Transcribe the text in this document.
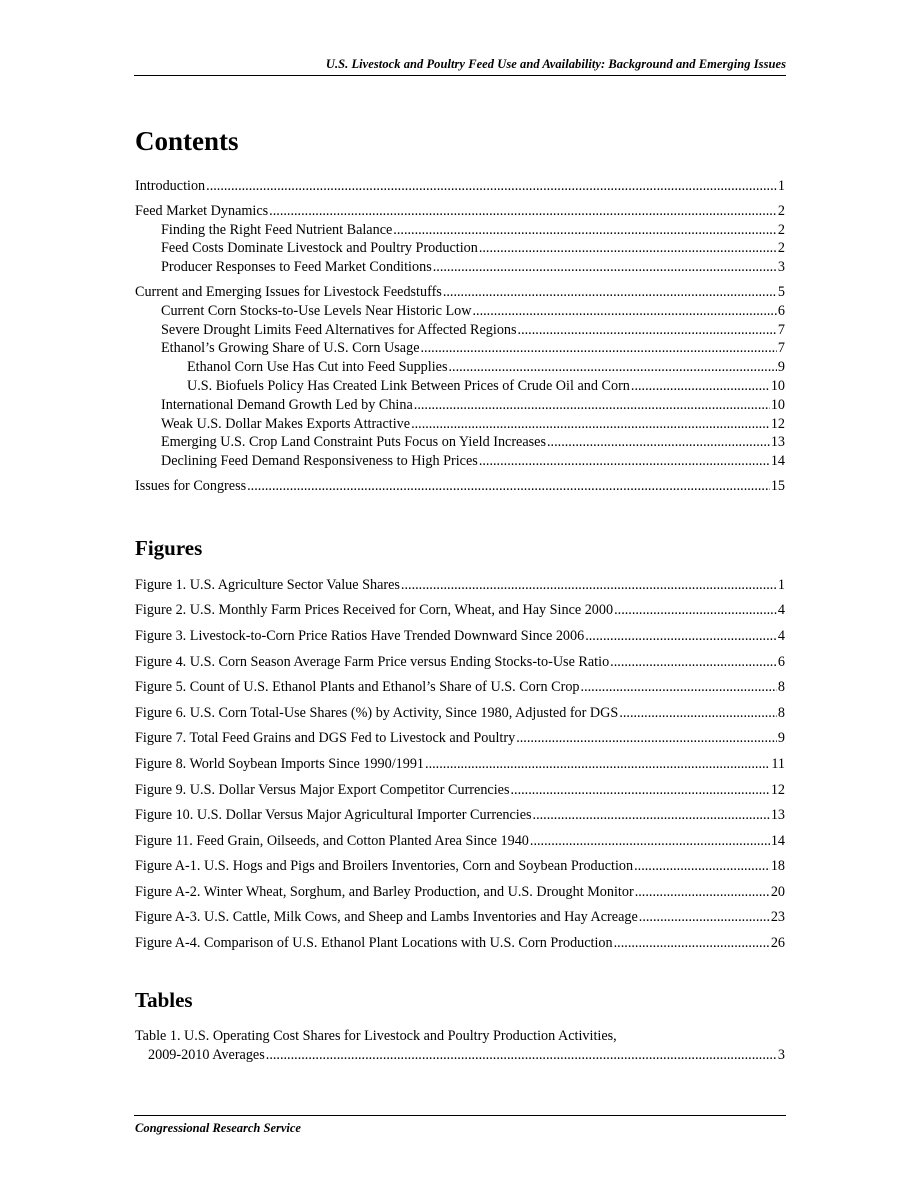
U.S. Livestock and Poultry Feed Use and Availability: Background and Emerging Issues
Contents
Introduction .....	1
Feed Market Dynamics .....	2
Finding the Right Feed Nutrient Balance .....	2
Feed Costs Dominate Livestock and Poultry Production .....	2
Producer Responses to Feed Market Conditions .....	3
Current and Emerging Issues for Livestock Feedstuffs .....	5
Current Corn Stocks-to-Use Levels Near Historic Low .....	6
Severe Drought Limits Feed Alternatives for Affected Regions .....	7
Ethanol’s Growing Share of U.S. Corn Usage .....	7
Ethanol Corn Use Has Cut into Feed Supplies .....	9
U.S. Biofuels Policy Has Created Link Between Prices of Crude Oil and Corn .....	10
International Demand Growth Led by China .....	10
Weak U.S. Dollar Makes Exports Attractive .....	12
Emerging U.S. Crop Land Constraint Puts Focus on Yield Increases .....	13
Declining Feed Demand Responsiveness to High Prices .....	14
Issues for Congress .....	15
Figures
Figure 1. U.S. Agriculture Sector Value Shares .....	1
Figure 2. U.S. Monthly Farm Prices Received for Corn, Wheat, and Hay Since 2000 .....	4
Figure 3. Livestock-to-Corn Price Ratios Have Trended Downward Since 2006 .....	4
Figure 4. U.S. Corn Season Average Farm Price versus Ending Stocks-to-Use Ratio .....	6
Figure 5. Count of U.S. Ethanol Plants and Ethanol’s Share of U.S. Corn Crop .....	8
Figure 6. U.S. Corn Total-Use Shares (%) by Activity, Since 1980, Adjusted for DGS .....	8
Figure 7. Total Feed Grains and DGS Fed to Livestock and Poultry .....	9
Figure 8. World Soybean Imports Since 1990/1991 .....	11
Figure 9. U.S. Dollar Versus Major Export Competitor Currencies .....	12
Figure 10. U.S. Dollar Versus Major Agricultural Importer Currencies .....	13
Figure 11. Feed Grain, Oilseeds, and Cotton Planted Area Since 1940 .....	14
Figure A-1. U.S. Hogs and Pigs and Broilers Inventories, Corn and Soybean Production .....	18
Figure A-2. Winter Wheat, Sorghum, and Barley Production, and U.S. Drought Monitor .....	20
Figure A-3. U.S. Cattle, Milk Cows, and Sheep and Lambs Inventories and Hay Acreage .....	23
Figure A-4. Comparison of U.S. Ethanol Plant Locations with U.S. Corn Production .....	26
Tables
Table 1. U.S. Operating Cost Shares for Livestock and Poultry Production Activities,
2009-2010 Averages .....	3
Congressional Research Service
